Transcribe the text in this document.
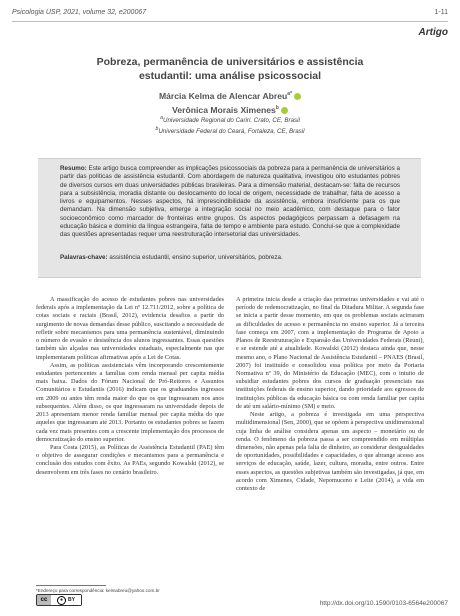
Psicologia USP, 2021, volume 32, e200067	1-11
Artigo
Pobreza, permanência de universitários e assistência
estudantil: uma análise psicossocial
Márcia Kelma de Alencar Abreu$^{a*}$
Verônica Morais Ximenes$^b$
$^a$Universidade Regional do Cariri. Crato, CE, Brasil
$^b$Universidade Federal do Ceará, Fortaleza, CE, Brasil
Resumo: Este artigo busca compreender as implicações psicossociais da pobreza para a permanência de universitários a partir das políticas de assistência estudantil. Com abordagem de natureza qualitativa, investigou oito estudantes pobres de diversos cursos em duas universidades públicas brasileiras. Para a dimensão material, destacam-se: falta de recursos para a subsistência, moradia distante ou deslocamento do local de origem, necessidade de trabalhar, falta de acesso a livros e equipamentos. Nesses aspectos, há imprescindibilidade da assistência, embora insuficiente para os que demandam. Na dimensão subjetiva, emerge a integração social no meio acadêmico, com destaque para o fator socioeconômico como marcador de fronteiras entre grupos. Os aspectos pedagógicos perpassam a defasagem na educação básica e domínio da língua estrangeira, falta de tempo e ambiente para estudo. Conclui-se que a complexidade das questões apresentadas requer uma reestruturação intersetorial das universidades.
Palavras-chave: assistência estudantil, ensino superior, universitários, pobreza.

A massificação do acesso de estudantes pobres nas universidades federais após a implementação da Lei nº 12.711/2012, sobre a política de cotas sociais e raciais (Brasil, 2012), evidencia desafios a partir do surgimento de novas demandas desse público, suscitando a necessidade de refletir sobre mecanismos para uma permanência sustentável, diminuindo o número de evasão e desistência dos alunos ingressantes. Essas questões também são alçadas nas universidades estaduais, especialmente nas que implementaram políticas afirmativas após a Lei de Cotas.

Assim, as políticas assistenciais vêm incorporando crescentemente estudantes pertencentes a famílias com renda mensal per capita média mais baixa. Dados do Fórum Nacional de Pró-Reitores e Assuntos Comunitários e Estudantis (2016) indicam que os graduandos ingressos em 2009 ou antes têm renda maior do que os que ingressaram nos anos subsequentes. Além disso, os que ingressaram na universidade depois de 2013 apresentam menor renda familiar mensal per capita média do que aqueles que ingressaram até 2013. Portanto os estudantes pobres se fazem cada vez mais presentes com a crescente implementação dos processos de democratização do ensino superior.

Para Costa (2015), as Políticas de Assistência Estudantil (PAE) têm o objetivo de assegurar condições e mecanismos para a permanência e conclusão dos estudos com êxito. As PAEs, segundo Kowalski (2012), se desenvolvem em três fases no cenário brasileiro.

A primeira inicia desde a criação das primeiras universidades e vai até o período de redemocratização, no final da Ditadura Militar. A segunda fase se inicia a partir desse momento, em que os problemas sociais acirraram as dificuldades de acesso e permanência no ensino superior. Já a terceira fase começa em 2007, com a implementação do Programa de Apoio a Planos de Reestruturação e Expansão das Universidades Federais (Reuni), e se estende até a atualidade. Kowalski (2012) destaca ainda que, nesse mesmo ano, o Plano Nacional de Assistência Estudantil – PNAES (Brasil, 2007) foi instituído e consolidou essa política por meio da Portaria Normativa nº 39, do Ministério da Educação (MEC), com o intuito de subsidiar estudantes pobres dos cursos de graduação presenciais nas instituições federais de ensino superior, dando prioridade aos egressos de instituições públicas da educação básica ou com renda familiar per capita de até um salário-mínimo (SM) e meio.

Neste artigo, a pobreza é investigada em uma perspectiva multidimensional (Sen, 2000), que se opõem à perspectiva unidimensional cuja linha de análise considera apenas um aspecto – monetário ou de renda. O fenômeno da pobreza passa a ser compreendido em múltiplas dimensões, não apenas pela falta de dinheiro, ao considerar desigualdades de oportunidades, possibilidades e capacidades, o que abrange acesso aos serviços de educação, saúde, lazer, cultura, moradia, entre outros. Entre esses aspectos, as questões subjetivas também são investigadas, já que, em acordo com Ximenes, Cidade, Nepomuceno e Leite (2014), a vida em contexto de

*Endereço para correspondência: kelmabreu@yahoo.com.br
cc	● BY	http://dx.doi.org/10.1590/0103-6564e200067
